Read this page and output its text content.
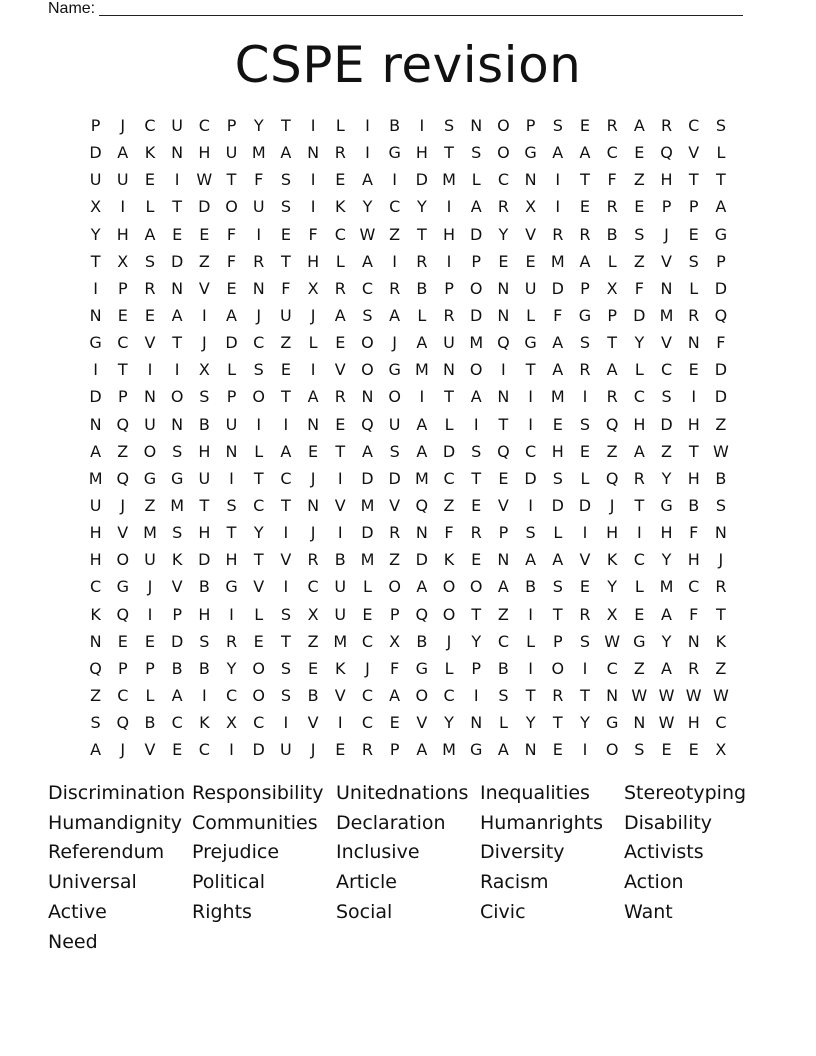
Name:
CSPE revision
P	J	C U C	P	Y	T	I	L	I	B	I	S	N O	P	S	E	R	A	R	C	S
D A	K N H U M A N R	I	G H	T	S O G A	A	C	E Q V	L
U U	E	I	W T	F	S	I	E	A	I	D M L	C N	I	T	F	Z H	T	T
X	I	L	T	D O U	S	I	K	Y	C	Y	I	A	R	X	I	E	R	E	P	P	A
Y	H A	E	E	F	I	E	F	C W Z	T	H D	Y	V	R	R	B	S	J	E G
T	X	S D Z	F	R	T	H	L	A	I	R	I	P	E	E M A	L	Z	V	S	P
I	P	R N V	E	N	F	X	R	C	R	B	P	O N U D	P	X	F	N	L	D
N	E	E	A	I	A	J	U	J	A	S	A	L	R D N	L	F	G	P	D M R Q
G C	V	T	J	D C	Z	L	E O	J	A U M Q G A	S	T	Y	V N	F
I	T	I	I	X	L	S	E	I	V O G M N O	I	T	A	R	A	L	C	E D
D	P	N O S	P	O	T	A	R N O	I	T	A N	I	M	I	R	C	S	I	D
N Q U N B U	I	I	N	E Q U A	L	I	T	I	E	S Q H D H Z
A	Z O S	H N	L	A	E	T	A	S	A D S Q C H	E	Z	A	Z	T W
M Q G G U	I	T	C	J	I	D D M C	T	E D S	L	Q R	Y	H B
U	J	Z M T	S	C	T	N V M V Q Z	E	V	I	D D	J	T	G B	S
H V M S	H	T	Y	I	J	I	D R N	F	R	P	S	L	I	H	I	H	F	N
H O U	K D H	T	V	R	B M Z D K	E	N A	A	V	K	C	Y	H	J
C G	J	V	B G V	I	C U	L	O A O O A	B	S	E	Y	L M C	R
K Q	I	P	H	I	L	S	X U	E	P	Q O	T	Z	I	T	R	X	E	A	F	T
N	E	E D S	R	E	T	Z M C	X	B	J	Y	C	L	P	S W G	Y	N K
Q	P	P	B	B	Y	O S	E	K	J	F	G	L	P	B	I	O	I	C	Z	A	R	Z
Z	C	L	A	I	C O S	B	V	C	A O C	I	S	T	R	T	N W W W W
S Q B	C	K	X	C	I	V	I	C	E	V	Y	N	L	Y	T	Y	G N W H C
A	J	V	E	C	I	D U	J	E	R	P	A M G A N	E	I	O S	E	E	X
Discrimination Responsibility Unitednations Inequalities	Stereotyping
Humandignity Communities Declaration	Humanrights	Disability
Referendum	Prejudice	Inclusive	Diversity	Activists
Universal	Political	Article	Racism	Action
Active	Rights	Social	Civic	Want
Need
